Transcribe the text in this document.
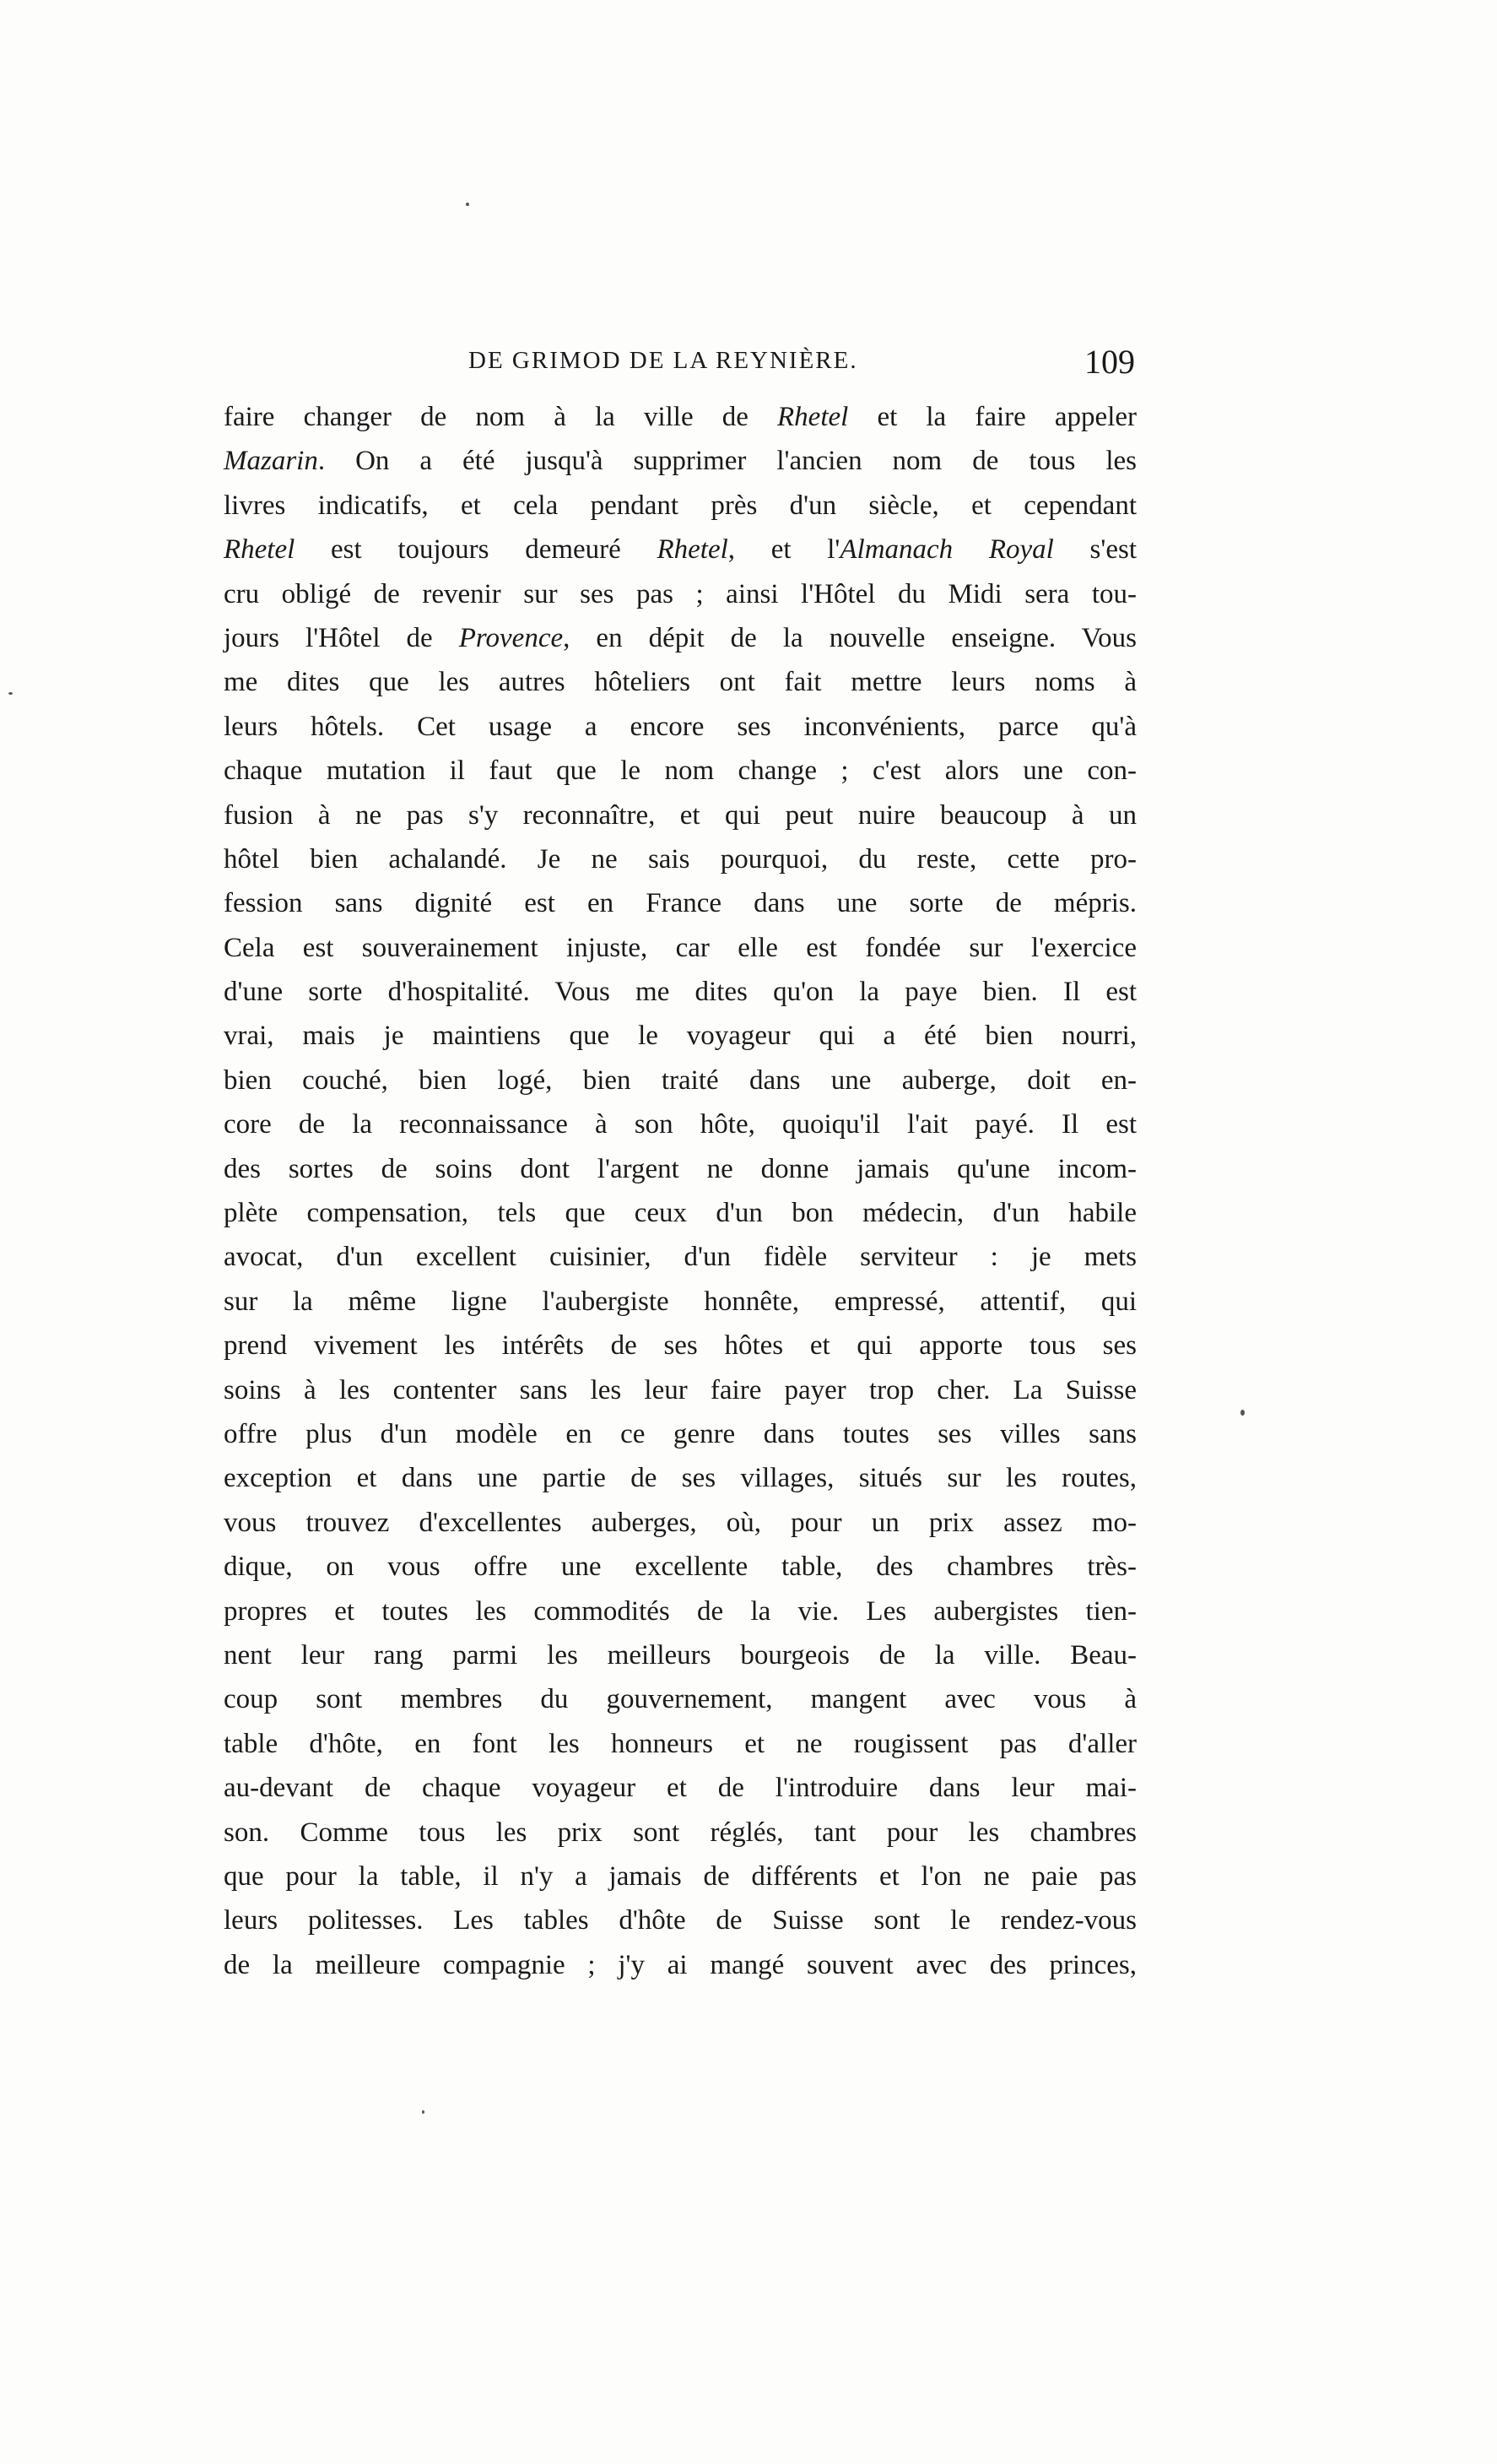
DE GRIMOD DE LA REYNIÈRE.	109
faire changer de nom à la ville de Rhetel et la faire appeler
Mazarin. On a été jusqu'à supprimer l'ancien nom de tous les
livres indicatifs, et cela pendant près d'un siècle, et cependant
Rhetel est toujours demeuré Rhetel, et l'Almanach Royal s'est
cru obligé de revenir sur ses pas ; ainsi l'Hôtel du Midi sera tou-
jours l'Hôtel de Provence, en dépit de la nouvelle enseigne. Vous
me dites que les autres hôteliers ont fait mettre leurs noms à
leurs hôtels. Cet usage a encore ses inconvénients, parce qu'à
chaque mutation il faut que le nom change ; c'est alors une con-
fusion à ne pas s'y reconnaître, et qui peut nuire beaucoup à un
hôtel bien achalandé. Je ne sais pourquoi, du reste, cette pro-
fession sans dignité est en France dans une sorte de mépris.
Cela est souverainement injuste, car elle est fondée sur l'exercice
d'une sorte d'hospitalité. Vous me dites qu'on la paye bien. Il est
vrai, mais je maintiens que le voyageur qui a été bien nourri,
bien couché, bien logé, bien traité dans une auberge, doit en-
core de la reconnaissance à son hôte, quoiqu'il l'ait payé. Il est
des sortes de soins dont l'argent ne donne jamais qu'une incom-
plète compensation, tels que ceux d'un bon médecin, d'un habile
avocat, d'un excellent cuisinier, d'un fidèle serviteur : je mets
sur la même ligne l'aubergiste honnête, empressé, attentif, qui
prend vivement les intérêts de ses hôtes et qui apporte tous ses
soins à les contenter sans les leur faire payer trop cher. La Suisse
offre plus d'un modèle en ce genre dans toutes ses villes sans
exception et dans une partie de ses villages, situés sur les routes,
vous trouvez d'excellentes auberges, où, pour un prix assez mo-
dique, on vous offre une excellente table, des chambres très-
propres et toutes les commodités de la vie. Les aubergistes tien-
nent leur rang parmi les meilleurs bourgeois de la ville. Beau-
coup sont membres du gouvernement, mangent avec vous à
table d'hôte, en font les honneurs et ne rougissent pas d'aller
au-devant de chaque voyageur et de l'introduire dans leur mai-
son. Comme tous les prix sont réglés, tant pour les chambres
que pour la table, il n'y a jamais de différents et l'on ne paie pas
leurs politesses. Les tables d'hôte de Suisse sont le rendez-vous
de la meilleure compagnie ; j'y ai mangé souvent avec des princes,
